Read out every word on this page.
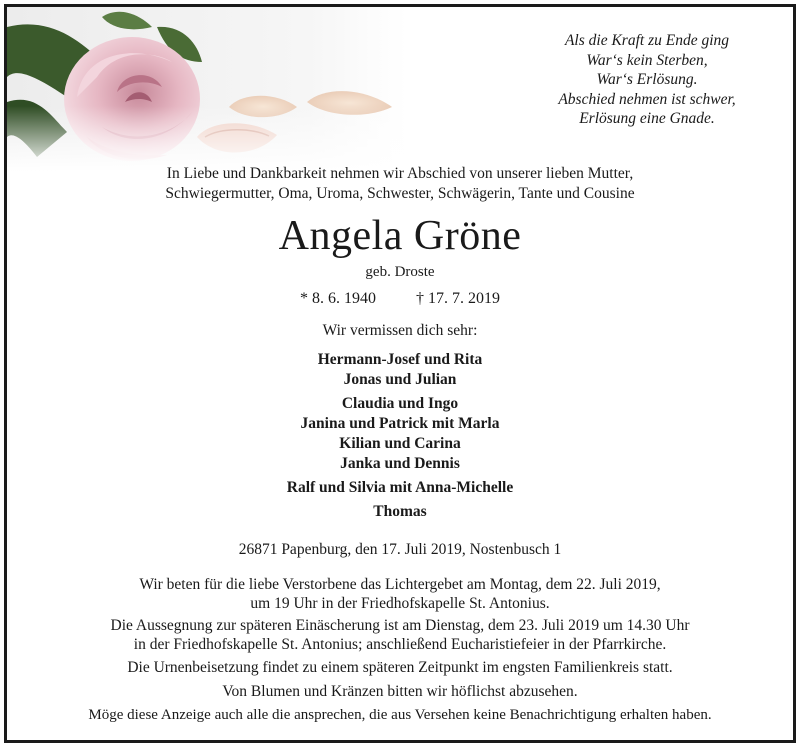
Als die Kraft zu Ende ging
War‘s kein Sterben,
War‘s Erlösung.
Abschied nehmen ist schwer,
Erlösung eine Gnade.
In Liebe und Dankbarkeit nehmen wir Abschied von unserer lieben Mutter,
Schwiegermutter, Oma, Uroma, Schwester, Schwägerin, Tante und Cousine
Angela Gröne
geb. Droste
* 8. 6. 1940	† 17. 7. 2019
Wir vermissen dich sehr:
Hermann-Josef und Rita
Jonas und Julian
Claudia und Ingo
Janina und Patrick mit Marla
Kilian und Carina
Janka und Dennis
Ralf und Silvia mit Anna-Michelle
Thomas
26871 Papenburg, den 17. Juli 2019, Nostenbusch 1
Wir beten für die liebe Verstorbene das Lichtergebet am Montag, dem 22. Juli 2019,
um 19 Uhr in der Friedhofskapelle St. Antonius.
Die Aussegnung zur späteren Einäscherung ist am Dienstag, dem 23. Juli 2019 um 14.30 Uhr
in der Friedhofskapelle St. Antonius; anschließend Eucharistiefeier in der Pfarrkirche.
Die Urnenbeisetzung findet zu einem späteren Zeitpunkt im engsten Familienkreis statt.
Von Blumen und Kränzen bitten wir höflichst abzusehen.
Möge diese Anzeige auch alle die ansprechen, die aus Versehen keine Benachrichtigung erhalten haben.
